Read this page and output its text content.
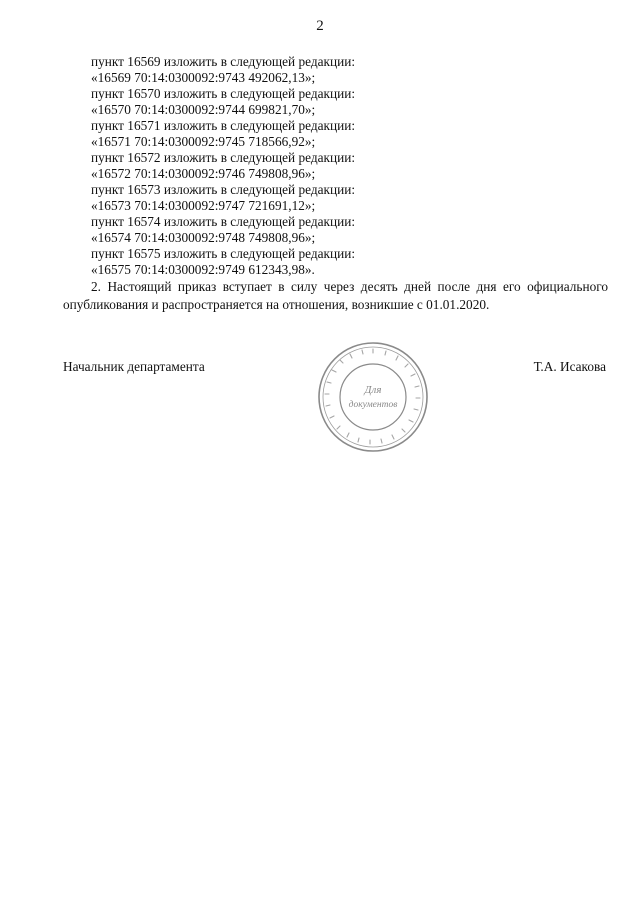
2
пункт 16569 изложить в следующей редакции:
«16569 70:14:0300092:9743 492062,13»;
пункт 16570 изложить в следующей редакции:
«16570 70:14:0300092:9744 699821,70»;
пункт 16571 изложить в следующей редакции:
«16571 70:14:0300092:9745 718566,92»;
пункт 16572 изложить в следующей редакции:
«16572 70:14:0300092:9746 749808,96»;
пункт 16573 изложить в следующей редакции:
«16573 70:14:0300092:9747 721691,12»;
пункт 16574 изложить в следующей редакции:
«16574 70:14:0300092:9748 749808,96»;
пункт 16575 изложить в следующей редакции:
«16575 70:14:0300092:9749 612343,98».
2. Настоящий приказ вступает в силу через десять дней после дня его официального
опубликования и распространяется на отношения, возникшие с 01.01.2020.
Начальник департамента	Т.А. Исакова
Для
документов
